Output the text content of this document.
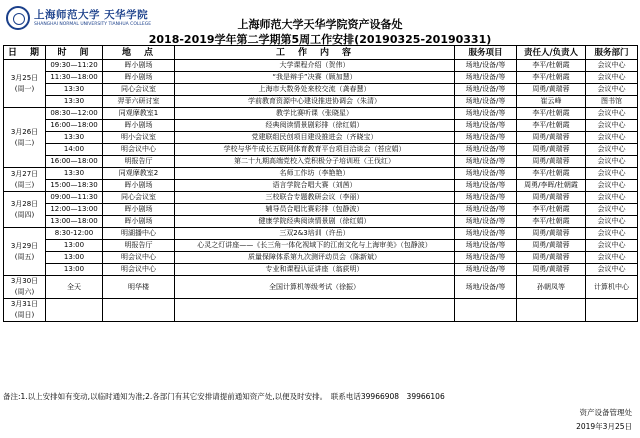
上海师范大学 天华学院
SHANGHAI NORMAL UNIVERSITY TIANHUA COLLEGE	上海师范大学天华学院资产设备处
2018-2019学年第二学期第5周工作安排(20190325-20190331)
日　期	时　间	地　点	工　作　内　容	服务项目	责任人/负责人	服务部门

3月25日
(周一)	09:30—11:20	晖小剧场	大学课程介绍（贺伟）	场地/设备/等	李平/杜朝霞	会议中心
	11:30—18:00	晖小剧场	“我是辩手”决赛（顾加慧）	场地/设备/等	李平/杜朝霞	会议中心
	13:30	同心会议室	上海市大数务处来校交流（龚春慧）	场地/设备/等	周勇/黄瑞蓉	会议中心
	13:30	羿菲六研讨室	学前教育资源中心建设推进协调会（朱清）	场地/设备/等	崔云峰	图书馆

3月26日
(周二)	08:30—12:00	同观摩教室1	教学比赛听课（张晓星）	场地/设备/等	李平/杜朝霞	会议中心
	16:00—18:00	晖小剧场	经典阅读情景剧彩排（徐红娟）	场地/设备/等	李平/杜朝霞	会议中心
	13:30	明小会议室	党建联组民创项目建设推进会（齐晓宝）	场地/设备/等	周勇/黄瑞蓉	会议中心
	14:00	明会议中心	学校与华牛成长五联网体育教育平台项目洽谈会（苔应娟）	场地/设备/等	周勇/黄瑞蓉	会议中心
	16:00—18:00	明报告厅	第二十九期高端党校入党积极分子培训班（王伐红）	场地/设备/等	周勇/黄瑞蓉	会议中心

3月27日
(周三)	13:30	同观摩教室2	名师工作坊（李艳艳）	场地/设备/等	李平/杜朝霞	会议中心
	15:00—18:30	晖小剧场	语言学院合唱大赛（刘茜）	场地/设备/等	周勇/李晖/杜朝霞	会议中心

3月28日
(周四)	09:00—11:30	同心会议室	三校联合专题教研会议（李丽）	场地/设备/等	周勇/黄瑞蓉	会议中心
	12:00—13:00	晖小剧场	辅导员合唱比赛彩排（包静波）	场地/设备/等	李平/杜朝霞	会议中心
	13:00—18:00	晖小剧场	健康学院经典阅读情景剧（徐红娟）	场地/设备/等	李平/杜朝霞	会议中心

3月29日
(周五)	8:30-12:00	明湖播中心	三双2&3培训（许岳）	场地/设备/等	周勇/黄瑞蓉	会议中心
	13:00	明报告厅	心灵之灯讲座——《长三角一体化视域下的江南文化与上海审美》（包静波）	场地/设备/等	周勇/黄瑞蓉	会议中心
	13:00	明会议中心	质量保障体系第九次测评动员会（陈新斌）	场地/设备/等	周勇/黄瑞蓉	会议中心
	13:00	明会议中心	专业和课程认证讲座（翁荻明）	场地/设备/等	周勇/黄瑞蓉	会议中心

3月30日
(周六)	全天	明华楼	全国计算机等级考试（徐振）	场地/设备/等	孙朝凤等	计算机中心

3月31日
(周日)						

备注:1.以上安排如有变动,以临时通知为准;2.各部门有其它安排请提前通知资产处,以便及时安排。　联系电话39966908　39966106
资产设备管理处
2019年3月25日
